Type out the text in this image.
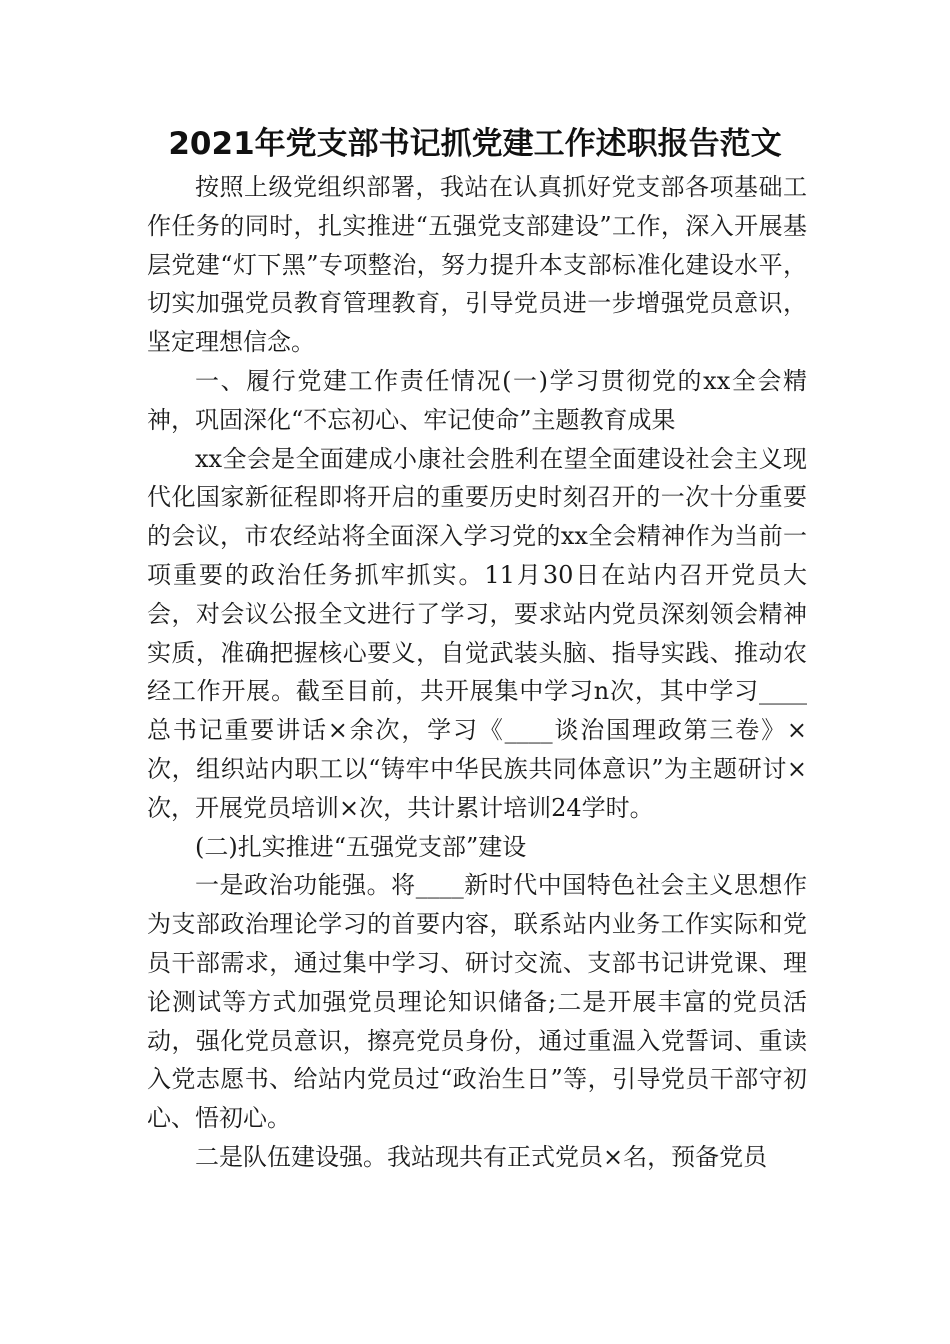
2021年党支部书记抓党建工作述职报告范文

按照上级党组织部署，我站在认真抓好党支部各项基础工作任务的同时，扎实推进“五强党支部建设”工作，深入开展基层党建“灯下黑”专项整治，努力提升本支部标准化建设水平，切实加强党员教育管理教育，引导党员进一步增强党员意识，坚定理想信念。

一、履行党建工作责任情况(一)学习贯彻党的xx全会精神，巩固深化“不忘初心、牢记使命”主题教育成果

xx全会是全面建成小康社会胜利在望全面建设社会主义现代化国家新征程即将开启的重要历史时刻召开的一次十分重要的会议，市农经站将全面深入学习党的xx全会精神作为当前一项重要的政治任务抓牢抓实。11月30日在站内召开党员大会，对会议公报全文进行了学习，要求站内党员深刻领会精神实质，准确把握核心要义，自觉武装头脑、指导实践、推动农经工作开展。截至目前，共开展集中学习n次，其中学习____总书记重要讲话×余次，学习《____谈治国理政第三卷》×次，组织站内职工以“铸牢中华民族共同体意识”为主题研讨×次，开展党员培训×次，共计累计培训24学时。

(二)扎实推进“五强党支部”建设

一是政治功能强。将____新时代中国特色社会主义思想作为支部政治理论学习的首要内容，联系站内业务工作实际和党员干部需求，通过集中学习、研讨交流、支部书记讲党课、理论测试等方式加强党员理论知识储备;二是开展丰富的党员活动，强化党员意识，擦亮党员身份，通过重温入党誓词、重读入党志愿书、给站内党员过“政治生日”等，引导党员干部守初心、悟初心。

二是队伍建设强。我站现共有正式党员×名，预备党员
